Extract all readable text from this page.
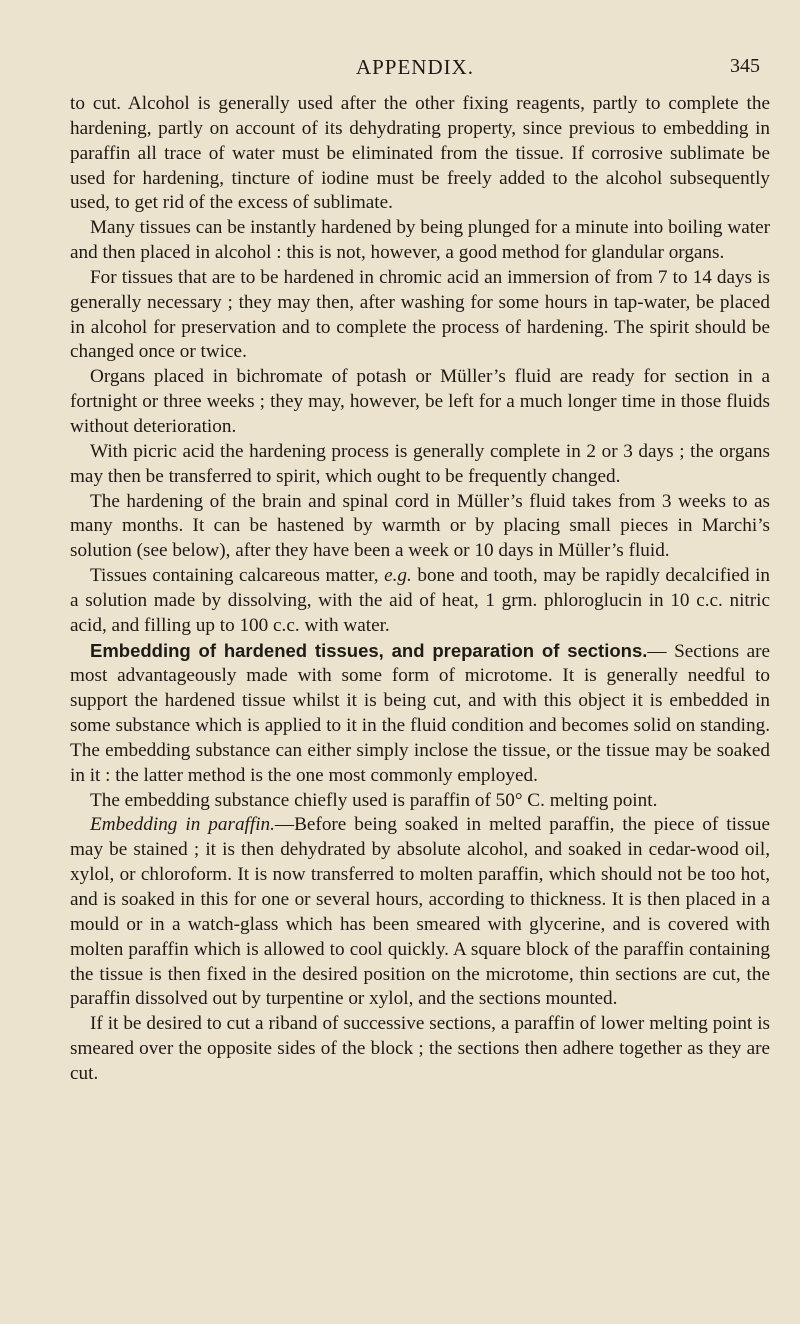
APPENDIX.	345

to cut. Alcohol is generally used after the other fixing reagents, partly to complete the hardening, partly on account of its dehydrating property, since previous to embedding in paraffin all trace of water must be eliminated from the tissue. If corrosive sublimate be used for hardening, tincture of iodine must be freely added to the alcohol subsequently used, to get rid of the excess of sublimate.

Many tissues can be instantly hardened by being plunged for a minute into boiling water and then placed in alcohol : this is not, however, a good method for glandular organs.

For tissues that are to be hardened in chromic acid an immersion of from 7 to 14 days is generally necessary ; they may then, after washing for some hours in tap-water, be placed in alcohol for preservation and to complete the process of hardening. The spirit should be changed once or twice.

Organs placed in bichromate of potash or Müller’s fluid are ready for section in a fortnight or three weeks ; they may, however, be left for a much longer time in those fluids without deterioration.

With picric acid the hardening process is generally complete in 2 or 3 days ; the organs may then be transferred to spirit, which ought to be frequently changed.

The hardening of the brain and spinal cord in Müller’s fluid takes from 3 weeks to as many months. It can be hastened by warmth or by placing small pieces in Marchi’s solution (see below), after they have been a week or 10 days in Müller’s fluid.

Tissues containing calcareous matter, e.g. bone and tooth, may be rapidly decalcified in a solution made by dissolving, with the aid of heat, 1 grm. phloroglucin in 10 c.c. nitric acid, and filling up to 100 c.c. with water.

Embedding of hardened tissues, and preparation of sections.— Sections are most advantageously made with some form of microtome. It is generally needful to support the hardened tissue whilst it is being cut, and with this object it is embedded in some substance which is applied to it in the fluid condition and becomes solid on standing. The embedding substance can either simply inclose the tissue, or the tissue may be soaked in it : the latter method is the one most commonly employed.

The embedding substance chiefly used is paraffin of 50° C. melting point.

Embedding in paraffin.—Before being soaked in melted paraffin, the piece of tissue may be stained ; it is then dehydrated by absolute alcohol, and soaked in cedar-wood oil, xylol, or chloroform. It is now transferred to molten paraffin, which should not be too hot, and is soaked in this for one or several hours, according to thickness. It is then placed in a mould or in a watch-glass which has been smeared with glycerine, and is covered with molten paraffin which is allowed to cool quickly. A square block of the paraffin containing the tissue is then fixed in the desired position on the microtome, thin sections are cut, the paraffin dissolved out by turpentine or xylol, and the sections mounted.

If it be desired to cut a riband of successive sections, a paraffin of lower melting point is smeared over the opposite sides of the block ; the sections then adhere together as they are cut.
